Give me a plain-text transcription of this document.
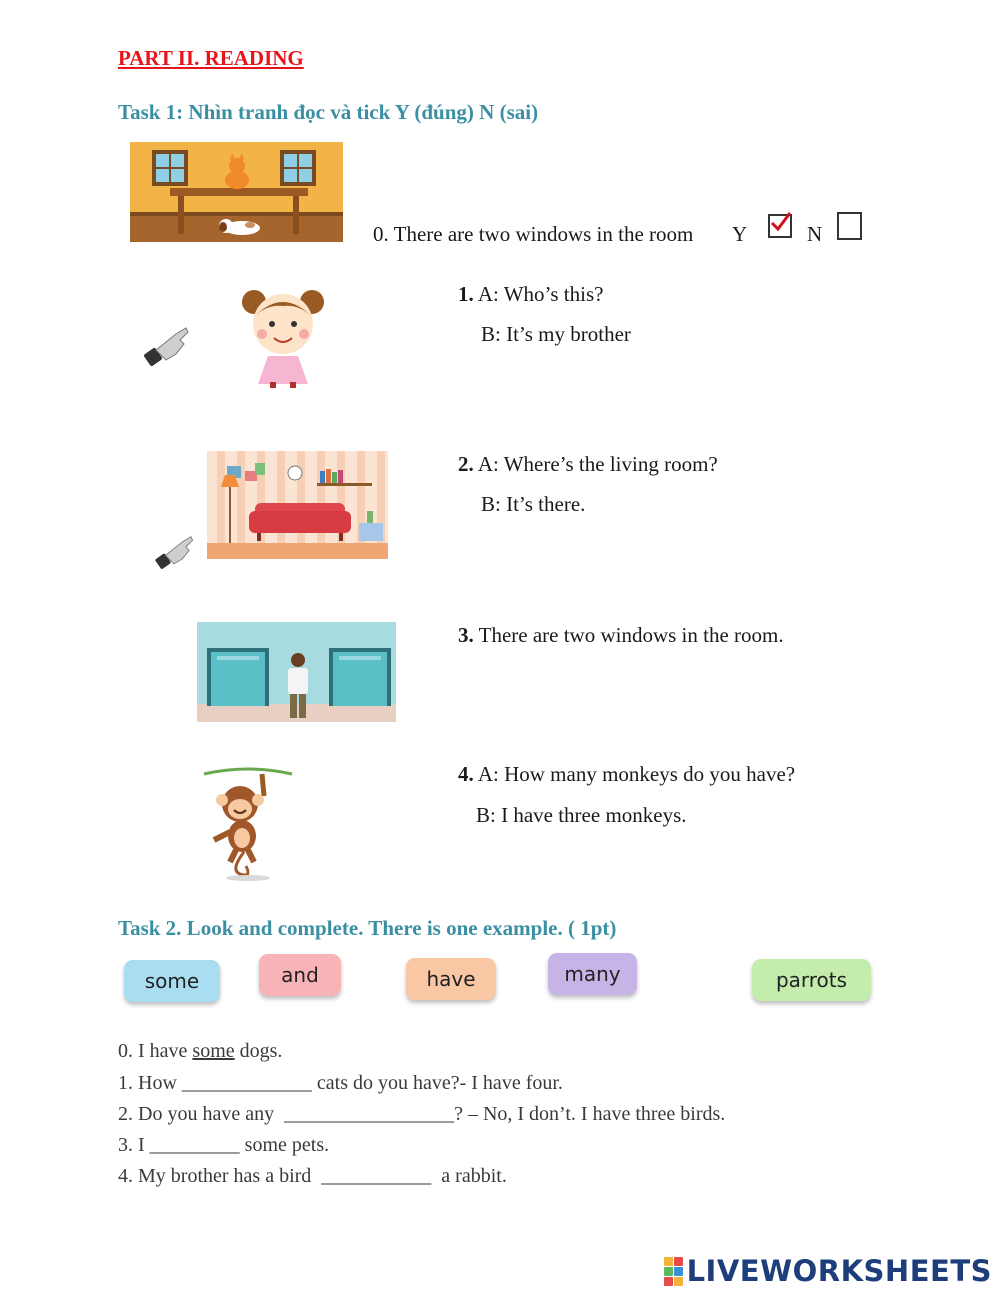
PART II. READING
Task 1: Nhìn tranh đọc và tick Y (đúng) N (sai)
0. There are two windows in the room Y	N
1. A: Who’s this?
B: It’s my brother
2. A: Where’s the living room?
B: It’s there.
3. There are two windows in the room.
4. A: How many monkeys do you have?
B: I have three monkeys.
Task 2. Look and complete. There is one example. ( 1pt)
some	and	have	many	parrots
0. I have some dogs.
1. How _____________ cats do you have?- I have four.
2. Do you have any _________________? – No, I don’t. I have three birds.
3. I _________ some pets.
4. My brother has a bird ___________ a rabbit.
LIVEWORKSHEETS
